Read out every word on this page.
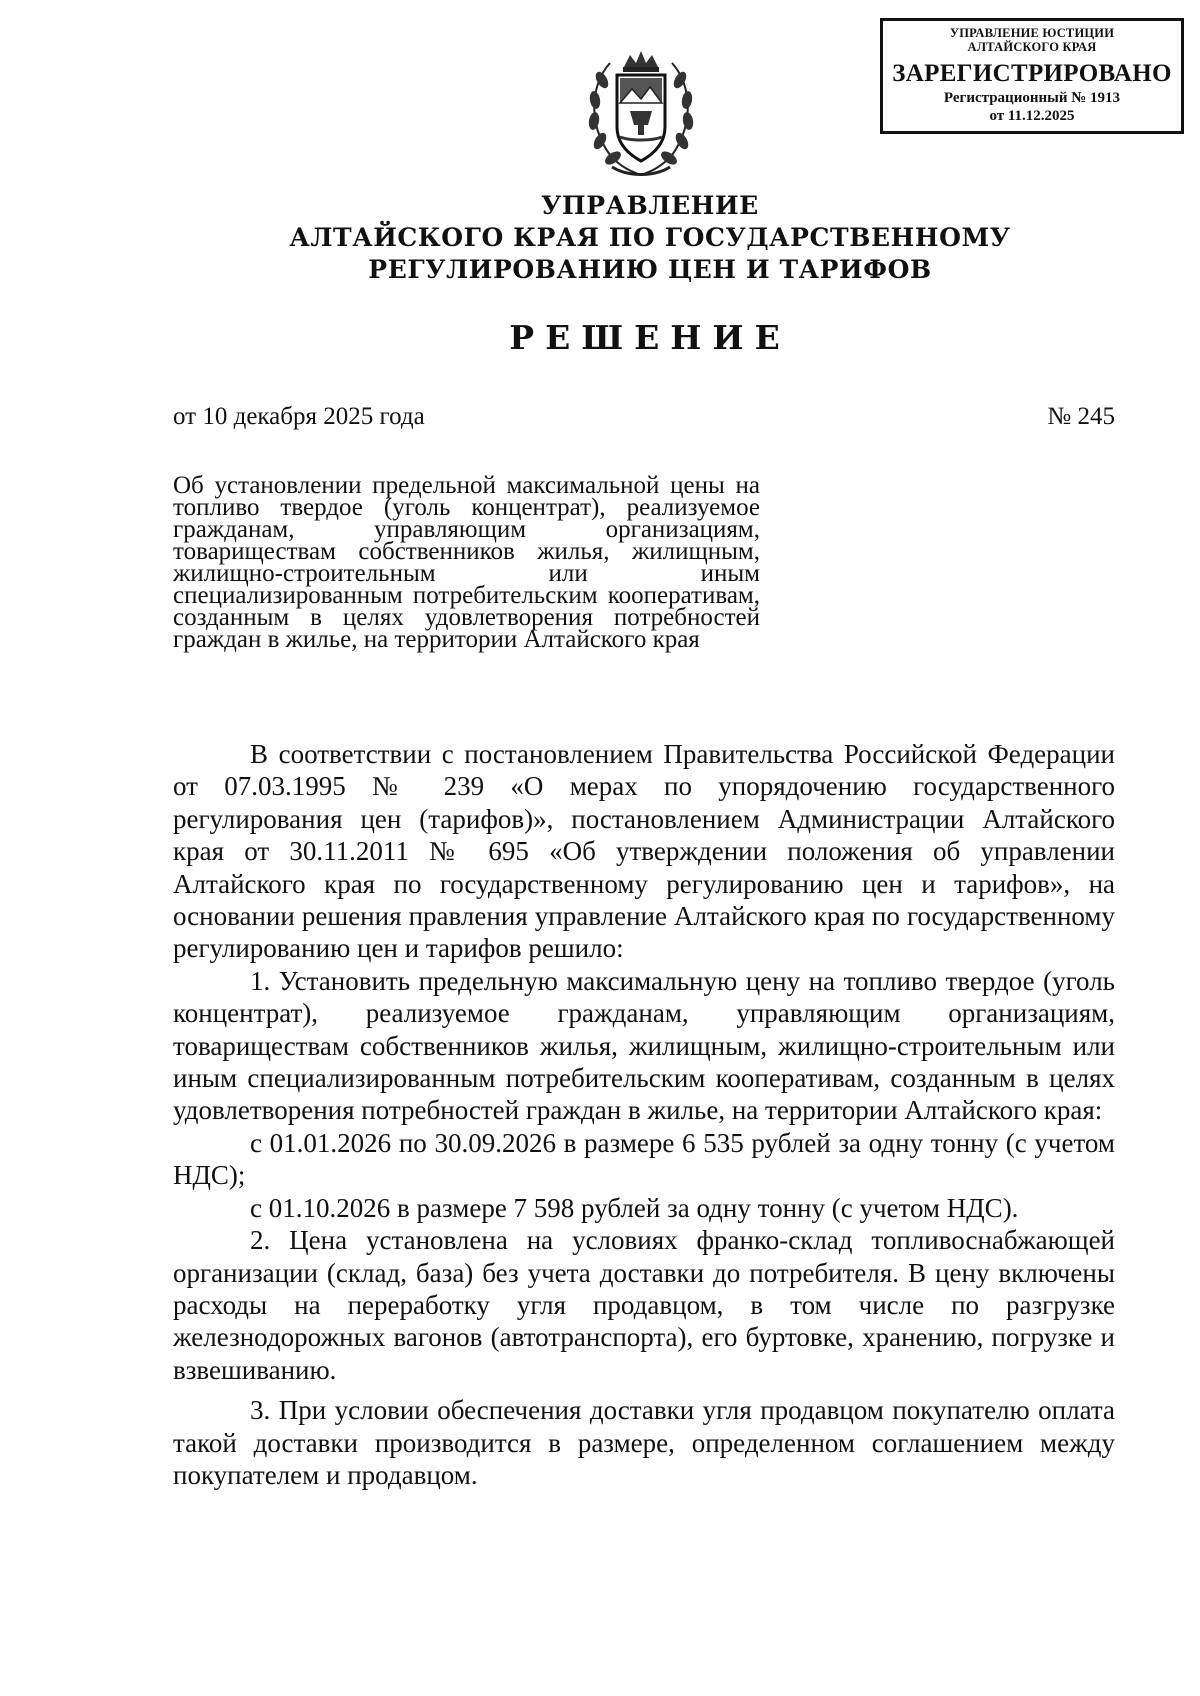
УПРАВЛЕНИЕ ЮСТИЦИИ
АЛТАЙСКОГО КРАЯ
ЗАРЕГИСТРИРОВАНО
Регистрационный № 1913
от 11.12.2025
УПРАВЛЕНИЕ
АЛТАЙСКОГО КРАЯ ПО ГОСУДАРСТВЕННОМУ
РЕГУЛИРОВАНИЮ ЦЕН И ТАРИФОВ
РЕШЕНИЕ
от 10 декабря 2025 года	№ 245
Об установлении предельной максимальной цены на топливо твердое (уголь концентрат), реализуемое гражданам, управляющим организациям, товариществам собственников жилья, жилищным, жилищно-строительным или иным специализированным потребительским кооперативам, созданным в целях удовлетворения потребностей граждан в жилье, на территории Алтайского края

В соответствии с постановлением Правительства Российской Федерации от 07.03.1995 № 239 «О мерах по упорядочению государственного регулирования цен (тарифов)», постановлением Администрации Алтайского края от 30.11.2011 № 695 «Об утверждении положения об управлении Алтайского края по государственному регулированию цен и тарифов», на основании решения правления управление Алтайского края по государственному регулированию цен и тарифов решило:

1. Установить предельную максимальную цену на топливо твердое (уголь концентрат), реализуемое гражданам, управляющим организациям, товариществам собственников жилья, жилищным, жилищно-строительным или иным специализированным потребительским кооперативам, созданным в целях удовлетворения потребностей граждан в жилье, на территории Алтайского края:

с 01.01.2026 по 30.09.2026 в размере 6 535 рублей за одну тонну (с учетом НДС);

с 01.10.2026 в размере 7 598 рублей за одну тонну (с учетом НДС).

2. Цена установлена на условиях франко-склад топливоснабжающей организации (склад, база) без учета доставки до потребителя. В цену включены расходы на переработку угля продавцом, в том числе по разгрузке железнодорожных вагонов (автотранспорта), его буртовке, хранению, погрузке и взвешиванию.

3. При условии обеспечения доставки угля продавцом покупателю оплата такой доставки производится в размере, определенном соглашением между покупателем и продавцом.
